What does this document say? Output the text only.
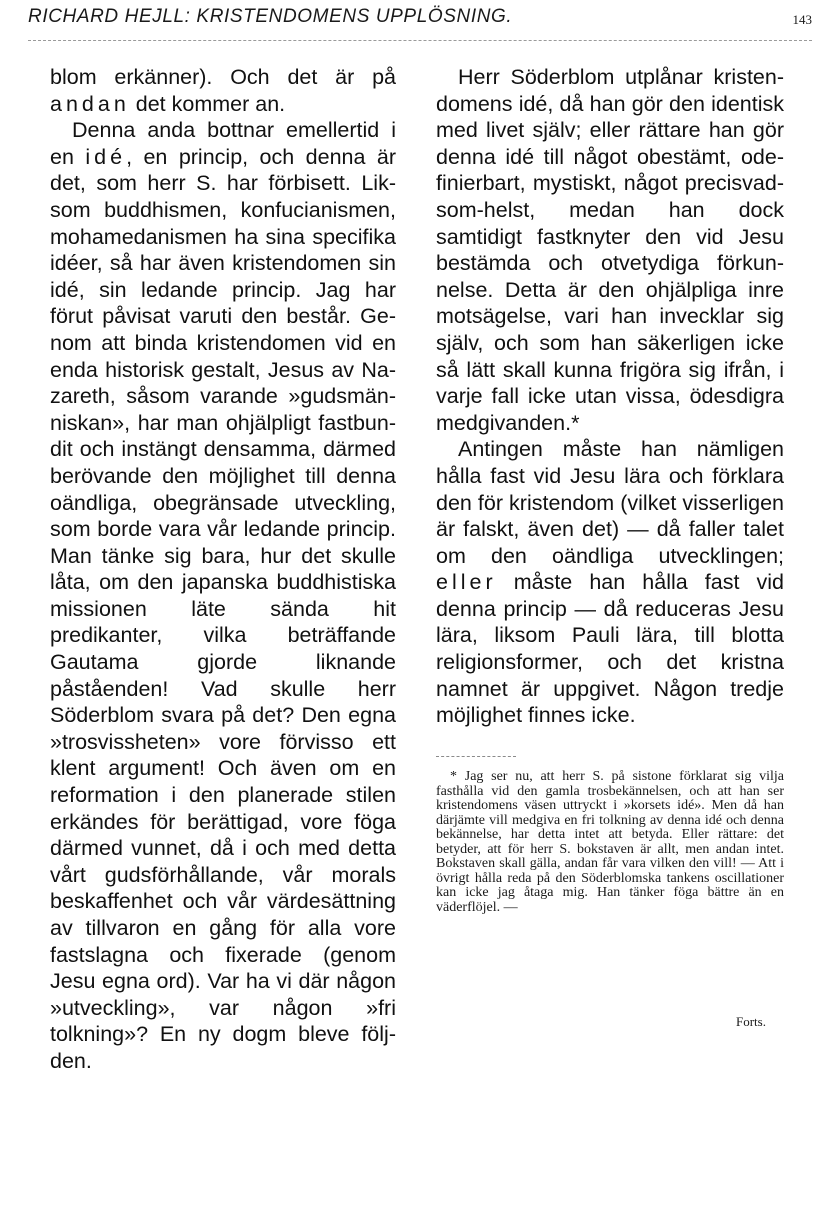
RICHARD HEJLL: KRISTENDOMENS UPPLÖSNING.	143

blom erkänner). Och det är på andan det kommer an.

Denna anda bottnar emellertid i en idé, en princip, och denna är det, som herr S. har förbisett. Liksom buddhismen, konfucianismen, mohamedanismen ha sina specifika idéer, så har även kristendomen sin idé, sin ledande princip. Jag har förut påvisat varuti den består. Genom att binda kristendomen vid en enda historisk gestalt, Jesus av Nazareth, såsom varande »gudsmänniskan», har man ohjälpligt fastbundit och instängt densamma, därmed berövande den möjlighet till denna oändliga, obegränsade utveckling, som borde vara vår ledande princip. Man tänke sig bara, hur det skulle låta, om den japanska buddhistiska missionen läte sända hit predikanter, vilka beträffande Gautama gjorde liknande påståenden! Vad skulle herr Söderblom svara på det? Den egna »trosvissheten» vore förvisso ett klent argument! Och även om en reformation i den planerade stilen erkändes för berättigad, vore föga därmed vunnet, då i och med detta vårt gudsförhållande, vår morals beskaffenhet och vår värdesättning av tillvaron en gång för alla vore fastslagna och fixerade (genom Jesu egna ord). Var ha vi där någon »utveckling», var någon »fri tolkning»? En ny dogm bleve följden.

Herr Söderblom utplånar kristendomens idé, då han gör den identisk med livet själv; eller rättare han gör denna idé till något obestämt, odefinierbart, mystiskt, något precisvad-som-helst, medan han dock samtidigt fastknyter den vid Jesu bestämda och otvetydiga förkunnelse. Detta är den ohjälpliga inre motsägelse, vari han invecklar sig själv, och som han säkerligen icke så lätt skall kunna frigöra sig ifrån, i varje fall icke utan vissa, ödesdigra medgivanden.*

Antingen måste han nämligen hålla fast vid Jesu lära och förklara den för kristendom (vilket visserligen är falskt, även det) — då faller talet om den oändliga utvecklingen; eller måste han hålla fast vid denna princip — då reduceras Jesu lära, liksom Pauli lära, till blotta religionsformer, och det kristna namnet är uppgivet. Någon tredje möjlighet finnes icke.

* Jag ser nu, att herr S. på sistone förklarat sig vilja fasthålla vid den gamla trosbekännelsen, och att han ser kristendomens väsen uttryckt i »korsets idé». Men då han därjämte vill medgiva en fri tolkning av denna idé och denna bekännelse, har detta intet att betyda. Eller rättare: det betyder, att för herr S. bokstaven är allt, men andan intet. Bokstaven skall gälla, andan får vara vilken den vill! — Att i övrigt hålla reda på den Söderblomska tankens oscillationer kan icke jag åtaga mig. Han tänker föga bättre än en väderflöjel. —

Forts.
